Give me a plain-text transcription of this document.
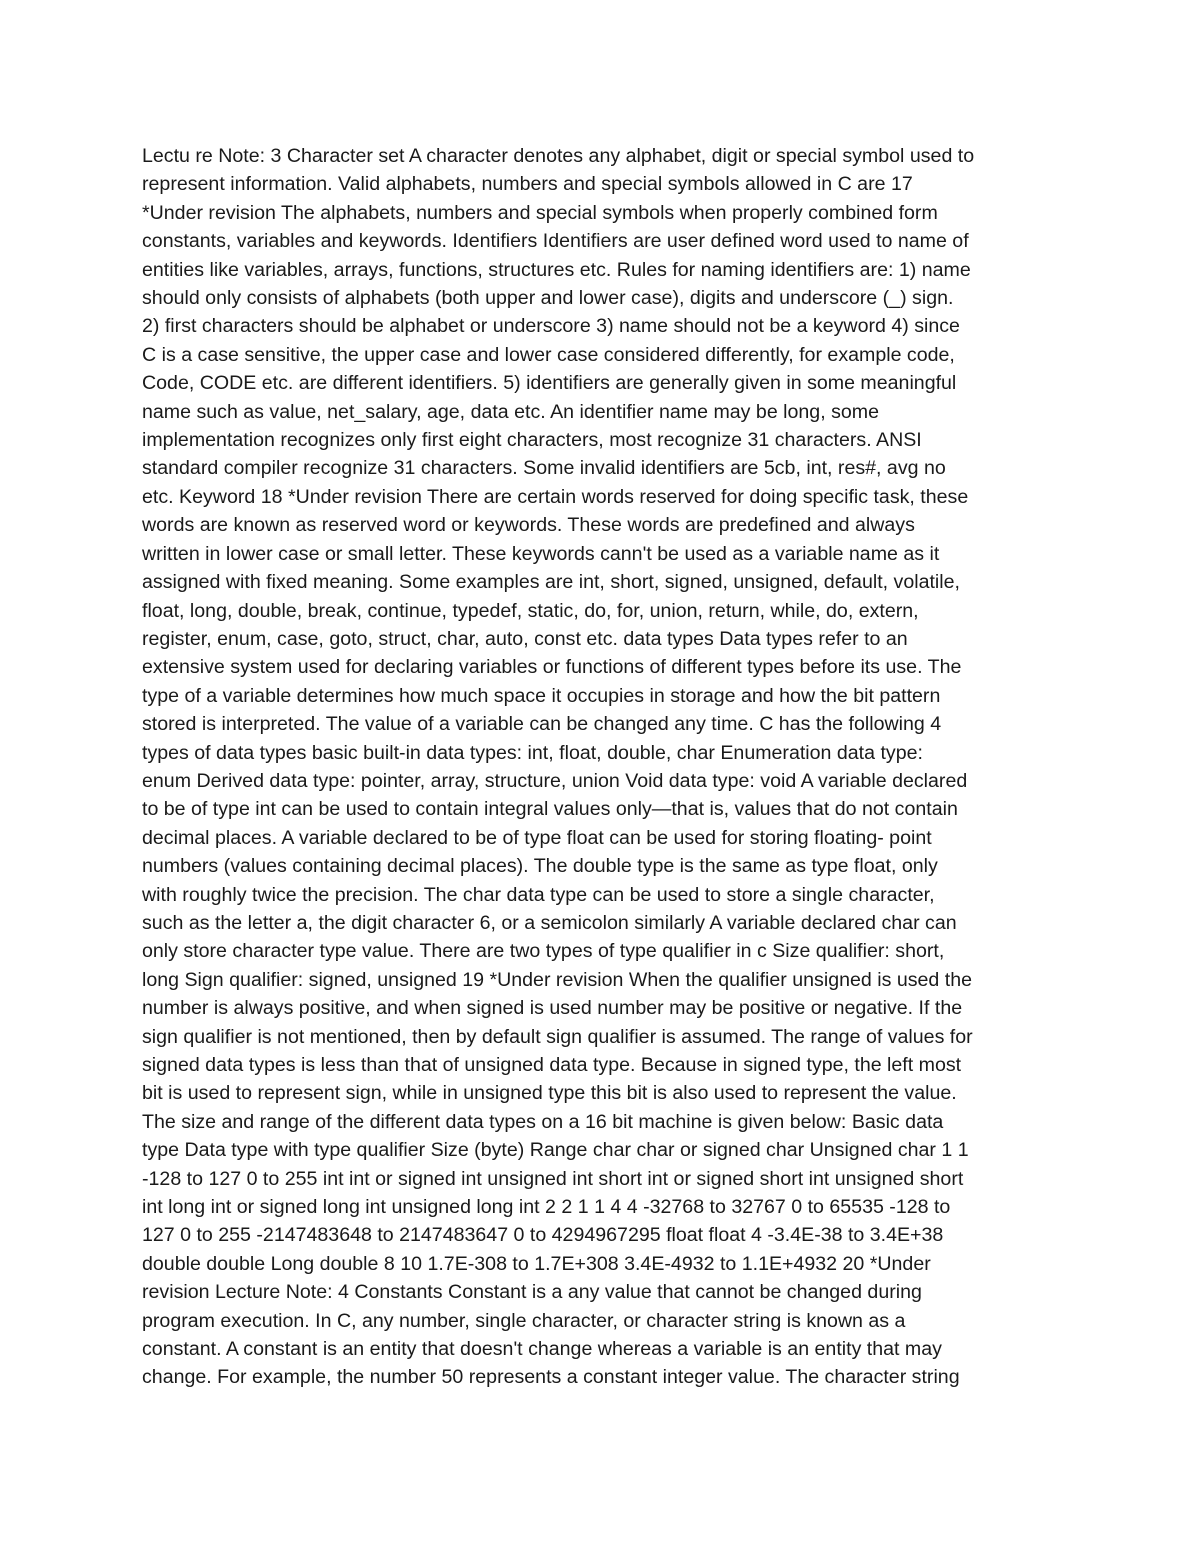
Lectu re Note: 3 Character set A character denotes any alphabet, digit or special symbol used to
represent information. Valid alphabets, numbers and special symbols allowed in C are 17
*Under revision The alphabets, numbers and special symbols when properly combined form
constants, variables and keywords. Identifiers Identifiers are user defined word used to name of
entities like variables, arrays, functions, structures etc. Rules for naming identifiers are: 1) name
should only consists of alphabets (both upper and lower case), digits and underscore (_) sign.
2) first characters should be alphabet or underscore 3) name should not be a keyword 4) since
C is a case sensitive, the upper case and lower case considered differently, for example code,
Code, CODE etc. are different identifiers. 5) identifiers are generally given in some meaningful
name such as value, net_salary, age, data etc. An identifier name may be long, some
implementation recognizes only first eight characters, most recognize 31 characters. ANSI
standard compiler recognize 31 characters. Some invalid identifiers are 5cb, int, res#, avg no
etc. Keyword 18 *Under revision There are certain words reserved for doing specific task, these
words are known as reserved word or keywords. These words are predefined and always
written in lower case or small letter. These keywords cann't be used as a variable name as it
assigned with fixed meaning. Some examples are int, short, signed, unsigned, default, volatile,
float, long, double, break, continue, typedef, static, do, for, union, return, while, do, extern,
register, enum, case, goto, struct, char, auto, const etc. data types Data types refer to an
extensive system used for declaring variables or functions of different types before its use. The
type of a variable determines how much space it occupies in storage and how the bit pattern
stored is interpreted. The value of a variable can be changed any time. C has the following 4
types of data types basic built-in data types: int, float, double, char Enumeration data type:
enum Derived data type: pointer, array, structure, union Void data type: void A variable declared
to be of type int can be used to contain integral values only—that is, values that do not contain
decimal places. A variable declared to be of type float can be used for storing floating- point
numbers (values containing decimal places). The double type is the same as type float, only
with roughly twice the precision. The char data type can be used to store a single character,
such as the letter a, the digit character 6, or a semicolon similarly A variable declared char can
only store character type value. There are two types of type qualifier in c Size qualifier: short,
long Sign qualifier: signed, unsigned 19 *Under revision When the qualifier unsigned is used the
number is always positive, and when signed is used number may be positive or negative. If the
sign qualifier is not mentioned, then by default sign qualifier is assumed. The range of values for
signed data types is less than that of unsigned data type. Because in signed type, the left most
bit is used to represent sign, while in unsigned type this bit is also used to represent the value.
The size and range of the different data types on a 16 bit machine is given below: Basic data
type Data type with type qualifier Size (byte) Range char char or signed char Unsigned char 1 1
-128 to 127 0 to 255 int int or signed int unsigned int short int or signed short int unsigned short
int long int or signed long int unsigned long int 2 2 1 1 4 4 -32768 to 32767 0 to 65535 -128 to
127 0 to 255 -2147483648 to 2147483647 0 to 4294967295 float float 4 -3.4E-38 to 3.4E+38
double double Long double 8 10 1.7E-308 to 1.7E+308 3.4E-4932 to 1.1E+4932 20 *Under
revision Lecture Note: 4 Constants Constant is a any value that cannot be changed during
program execution. In C, any number, single character, or character string is known as a
constant. A constant is an entity that doesn't change whereas a variable is an entity that may
change. For example, the number 50 represents a constant integer value. The character string
